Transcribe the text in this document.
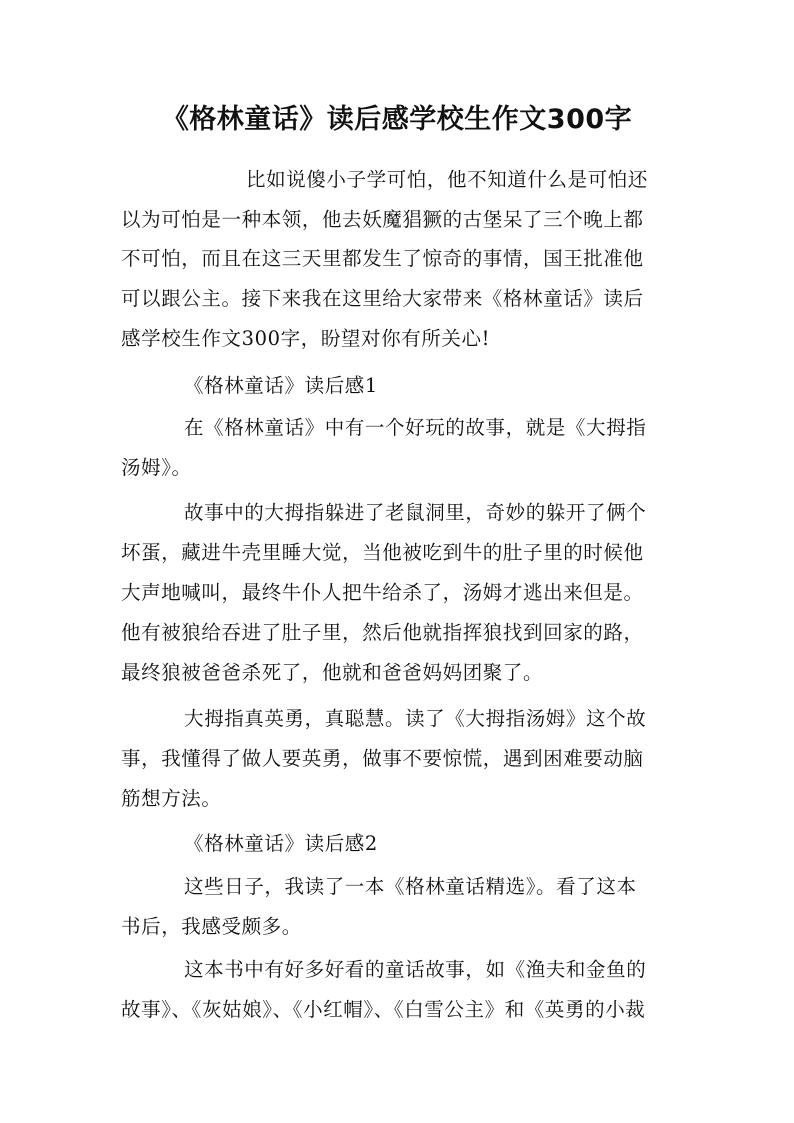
《格林童话》读后感学校生作文300字
比如说傻小子学可怕，他不知道什么是可怕还
以为可怕是一种本领，他去妖魔猖獗的古堡呆了三个晚上都
不可怕，而且在这三天里都发生了惊奇的事情，国王批准他
可以跟公主。接下来我在这里给大家带来《格林童话》读后
感学校生作文300字，盼望对你有所关心!
《格林童话》读后感1
在《格林童话》中有一个好玩的故事，就是《大拇指
汤姆》。
故事中的大拇指躲进了老鼠洞里，奇妙的躲开了俩个
坏蛋，藏进牛壳里睡大觉，当他被吃到牛的肚子里的时候他
大声地喊叫，最终牛仆人把牛给杀了，汤姆才逃出来但是。
他有被狼给吞进了肚子里，然后他就指挥狼找到回家的路，
最终狼被爸爸杀死了，他就和爸爸妈妈团聚了。
大拇指真英勇，真聪慧。读了《大拇指汤姆》这个故
事，我懂得了做人要英勇，做事不要惊慌，遇到困难要动脑
筋想方法。
《格林童话》读后感2
这些日子，我读了一本《格林童话精选》。看了这本
书后，我感受颇多。
这本书中有好多好看的童话故事，如《渔夫和金鱼的
故事》、《灰姑娘》、《小红帽》、《白雪公主》和《英勇的小裁
